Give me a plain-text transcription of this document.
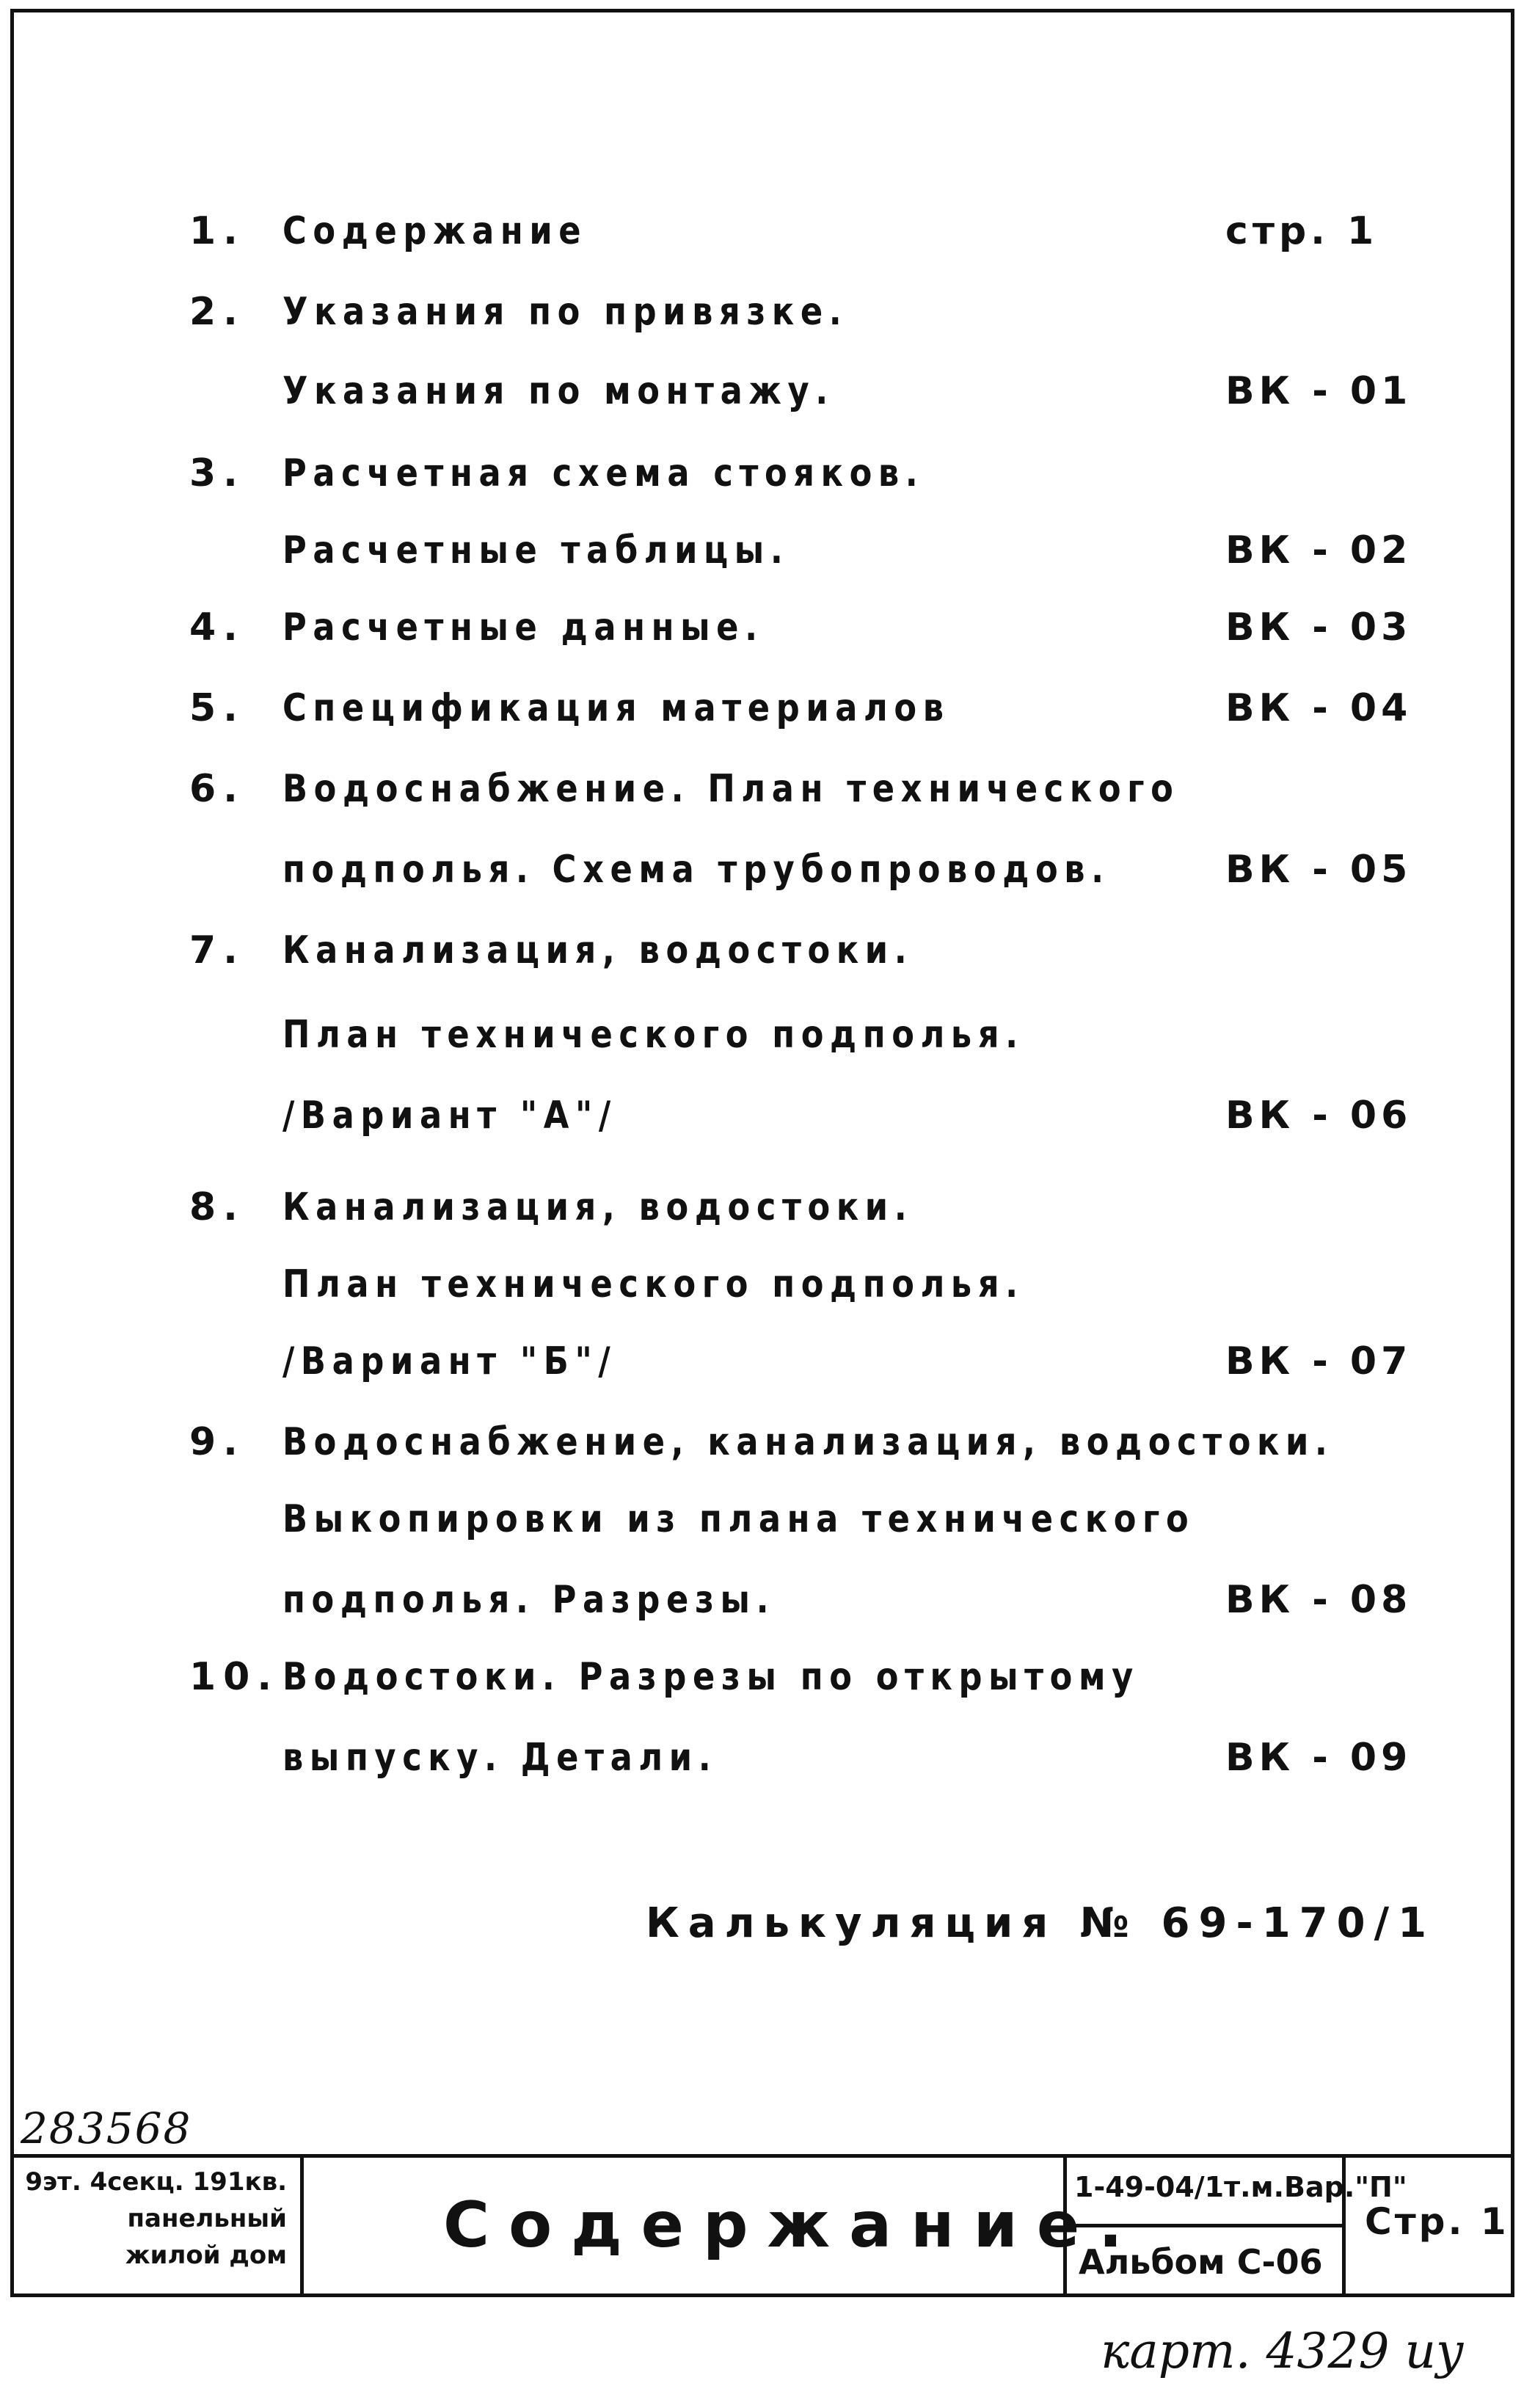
1. Содержание	стр. 1
2. Указания по привязке.
Указания по монтажу.	ВК - 01
3. Расчетная схема стояков.
Расчетные таблицы.	ВК - 02
4. Расчетные данные.	ВК - 03
5. Спецификация материалов	ВК - 04
6. Водоснабжение. План технического
подполья. Схема трубопроводов.	ВК - 05
7. Канализация, водостоки.
План технического подполья.
/Вариант "А"/	ВК - 06
8. Канализация, водостоки.
План технического подполья.
/Вариант "Б"/	ВК - 07
9. Водоснабжение, канализация, водостоки.
Выкопировки из плана технического
подполья. Разрезы.	ВК - 08
10. Водостоки. Разрезы по открытому
выпуску. Детали.	ВК - 09
Калькуляция № 69-170/1
283568
9эт. 4секц. 191кв.
панельный
жилой дом Содержание.
1-49-04/1т.м.Вар."П"
Альбом С-06
Стр. 1
карт. 4329 иу
